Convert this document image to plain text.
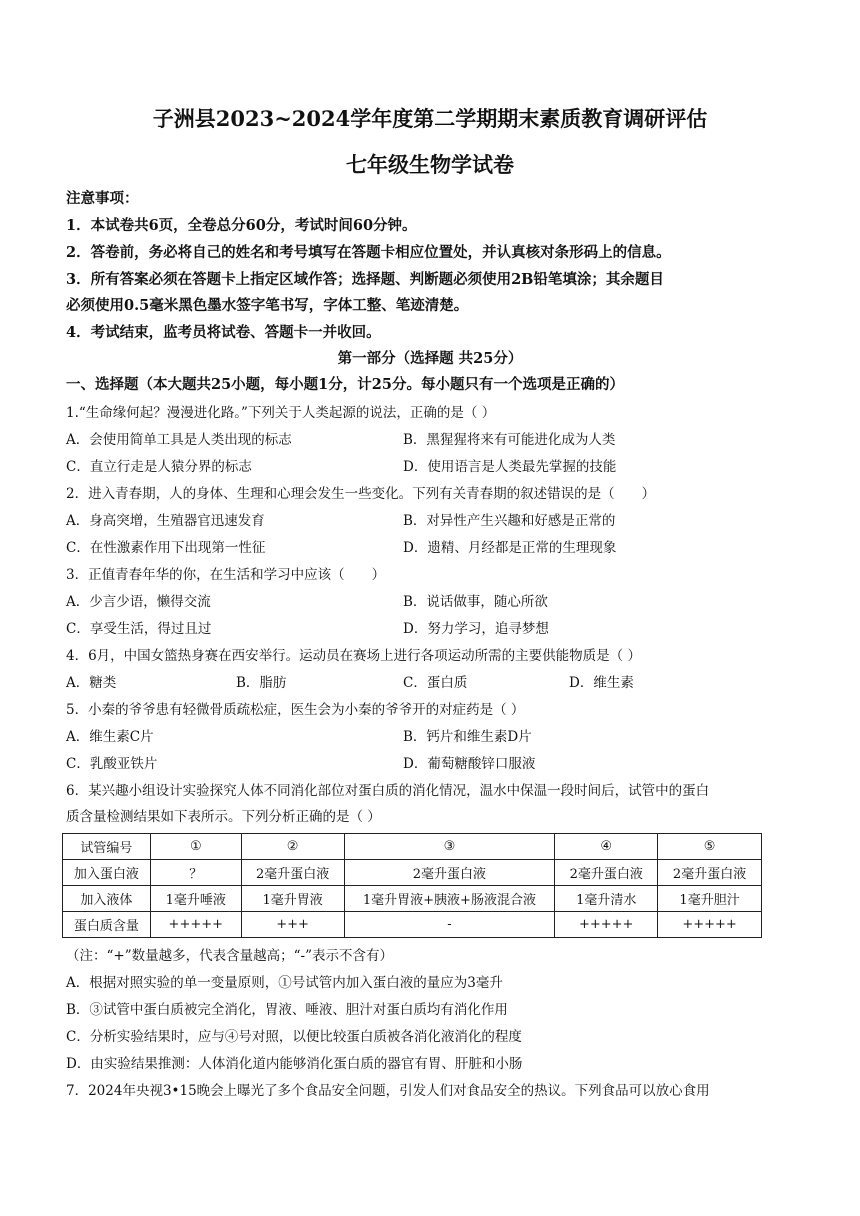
子洲县2023~2024学年度第二学期期末素质教育调研评估
七年级生物学试卷
注意事项：
1．本试卷共6页，全卷总分60分，考试时间60分钟。
2．答卷前，务必将自己的姓名和考号填写在答题卡相应位置处，并认真核对条形码上的信息。
3．所有答案必须在答题卡上指定区域作答；选择题、判断题必须使用2B铅笔填涂；其余题目
必须使用0.5毫米黑色墨水签字笔书写，字体工整、笔迹清楚。
4．考试结束，监考员将试卷、答题卡一并收回。
第一部分（选择题 共25分）
一、选择题（本大题共25小题，每小题1分，计25分。每小题只有一个选项是正确的）
1.“生命缘何起？漫漫进化路。”下列关于人类起源的说法，正确的是（ ）
A．会使用简单工具是人类出现的标志	B．黑猩猩将来有可能进化成为人类
C．直立行走是人猿分界的标志	D．使用语言是人类最先掌握的技能
2．进入青春期，人的身体、生理和心理会发生一些变化。下列有关青春期的叙述错误的是（　　）
A．身高突增，生殖器官迅速发育	B．对异性产生兴趣和好感是正常的
C．在性激素作用下出现第一性征	D．遗精、月经都是正常的生理现象
3．正值青春年华的你，在生活和学习中应该（　　）
A．少言少语，懒得交流	B．说话做事，随心所欲
C．享受生活，得过且过	D．努力学习，追寻梦想
4．6月，中国女篮热身赛在西安举行。运动员在赛场上进行各项运动所需的主要供能物质是（ ）
A．糖类	B．脂肪	C．蛋白质	D．维生素
5．小秦的爷爷患有轻微骨质疏松症，医生会为小秦的爷爷开的对症药是（ ）
A．维生素C片	B．钙片和维生素D片
C．乳酸亚铁片	D．葡萄糖酸锌口服液
6．某兴趣小组设计实验探究人体不同消化部位对蛋白质的消化情况，温水中保温一段时间后，试管中的蛋白
质含量检测结果如下表所示。下列分析正确的是（ ）
试管编号	①	②	③	④	⑤
加入蛋白液	？	2毫升蛋白液	2毫升蛋白液	2毫升蛋白液	2毫升蛋白液
加入液体	1毫升唾液	1毫升胃液	1毫升胃液+胰液+肠液混合液	1毫升清水	1毫升胆汁
蛋白质含量	+++++	+++	-	+++++	+++++
（注：“+”数量越多，代表含量越高；“-”表示不含有）
A．根据对照实验的单一变量原则，①号试管内加入蛋白液的量应为3毫升
B．③试管中蛋白质被完全消化，胃液、唾液、胆汁对蛋白质均有消化作用
C．分析实验结果时，应与④号对照，以便比较蛋白质被各消化液消化的程度
D．由实验结果推测：人体消化道内能够消化蛋白质的器官有胃、肝脏和小肠
7．2024年央视3•15晚会上曝光了多个食品安全问题，引发人们对食品安全的热议。下列食品可以放心食用
